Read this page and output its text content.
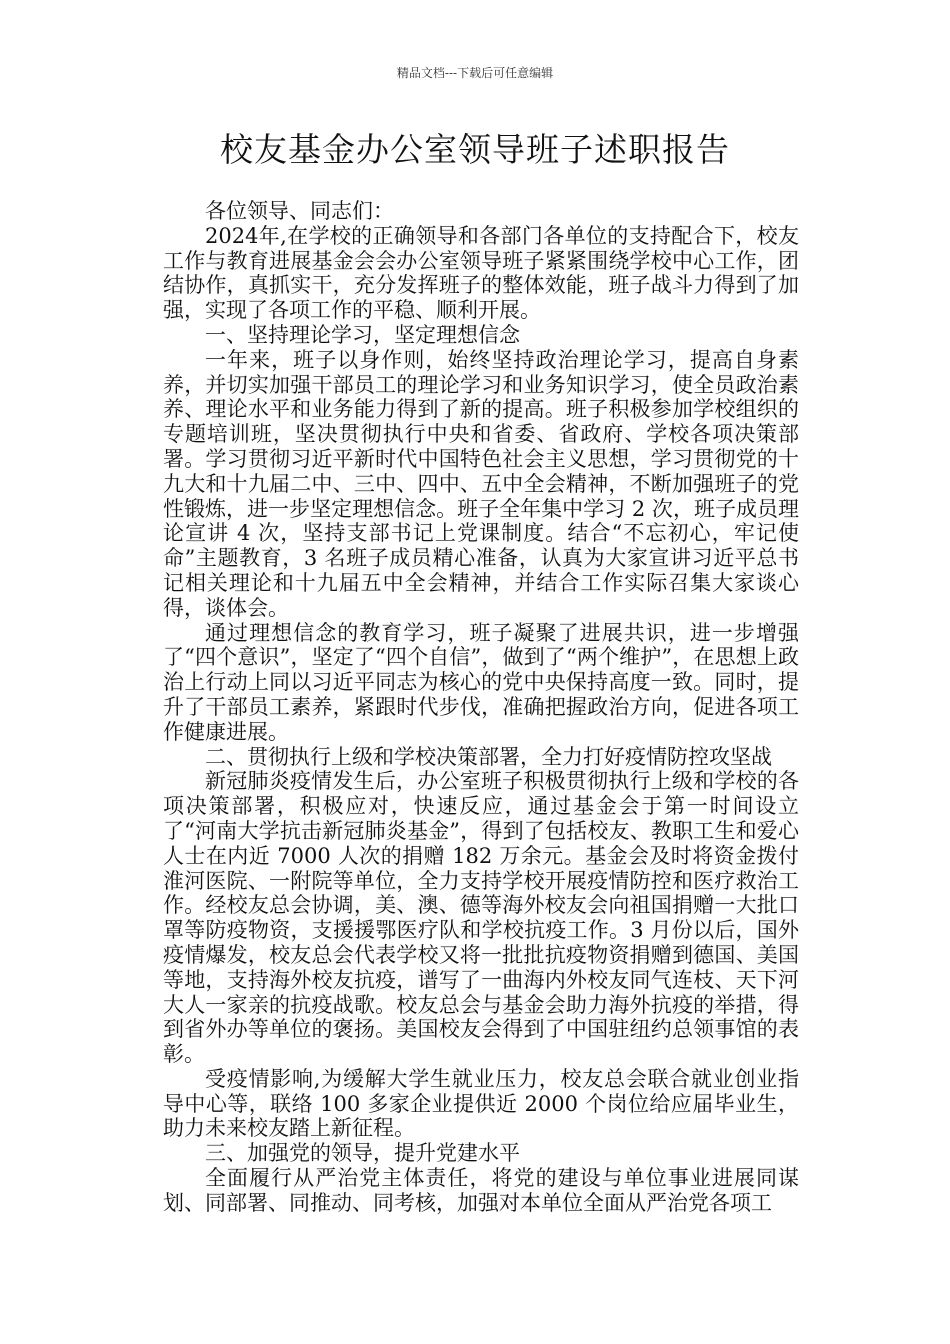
精品文档---下载后可任意编辑
校友基金办公室领导班子述职报告

各位领导、同志们：

2024年,在学校的正确领导和各部门各单位的支持配合下，校友工作与教育进展基金会会办公室领导班子紧紧围绕学校中心工作，团结协作，真抓实干，充分发挥班子的整体效能，班子战斗力得到了加强，实现了各项工作的平稳、顺利开展。

一、坚持理论学习，坚定理想信念

一年来，班子以身作则，始终坚持政治理论学习，提高自身素养，并切实加强干部员工的理论学习和业务知识学习，使全员政治素养、理论水平和业务能力得到了新的提高。班子积极参加学校组织的专题培训班，坚决贯彻执行中央和省委、省政府、学校各项决策部署。学习贯彻习近平新时代中国特色社会主义思想，学习贯彻党的十九大和十九届二中、三中、四中、五中全会精神，不断加强班子的党性锻炼，进一步坚定理想信念。班子全年集中学习 2 次，班子成员理论宣讲 4 次，坚持支部书记上党课制度。结合“不忘初心，牢记使命”主题教育，3 名班子成员精心准备，认真为大家宣讲习近平总书记相关理论和十九届五中全会精神，并结合工作实际召集大家谈心得，谈体会。

通过理想信念的教育学习，班子凝聚了进展共识，进一步增强了“四个意识”，坚定了“四个自信”，做到了“两个维护”，在思想上政治上行动上同以习近平同志为核心的党中央保持高度一致。同时，提升了干部员工素养，紧跟时代步伐，准确把握政治方向，促进各项工作健康进展。

二、贯彻执行上级和学校决策部署，全力打好疫情防控攻坚战

新冠肺炎疫情发生后，办公室班子积极贯彻执行上级和学校的各项决策部署，积极应对，快速反应，通过基金会于第一时间设立了“河南大学抗击新冠肺炎基金”，得到了包括校友、教职工生和爱心人士在内近 7000 人次的捐赠 182 万余元。基金会及时将资金拨付淮河医院、一附院等单位，全力支持学校开展疫情防控和医疗救治工作。经校友总会协调，美、澳、德等海外校友会向祖国捐赠一大批口罩等防疫物资，支援援鄂医疗队和学校抗疫工作。3 月份以后，国外疫情爆发，校友总会代表学校又将一批批抗疫物资捐赠到德国、美国等地，支持海外校友抗疫，谱写了一曲海内外校友同气连枝、天下河大人一家亲的抗疫战歌。校友总会与基金会助力海外抗疫的举措，得到省外办等单位的褒扬。美国校友会得到了中国驻纽约总领事馆的表彰。

受疫情影响,为缓解大学生就业压力，校友总会联合就业创业指导中心等，联络 100 多家企业提供近 2000 个岗位给应届毕业生，助力未来校友踏上新征程。

三、加强党的领导，提升党建水平

全面履行从严治党主体责任，将党的建设与单位事业进展同谋划、同部署、同推动、同考核，加强对本单位全面从严治党各项工
